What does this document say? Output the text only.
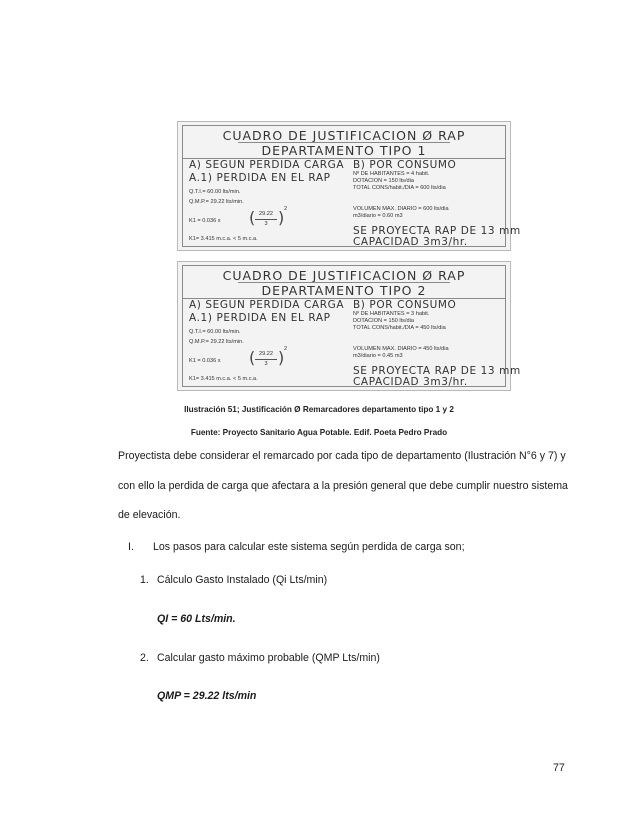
CUADRO DE JUSTIFICACION Ø RAP
DEPARTAMENTO TIPO 1
A) SEGUN PERDIDA CARGA
A.1) PERDIDA EN EL RAP
Q.T.I.= 60.00 lts/min.
Q.M.P.= 29.22 lts/min.
K1 = 0.036 x ( 29.22
3 ) 2
K1= 3.415 m.c.a. < 5 m.c.a.
B) POR CONSUMO
Nº DE HABITANTES = 4 habit.
DOTACION = 150 lts/dia
TOTAL CONS/habit./DIA = 600 lts/dia
VOLUMEN MAX. DIARIO = 600 lts/dia
m3/diario = 0.60 m3
SE PROYECTA RAP DE 13 mm
CAPACIDAD 3m3/hr.
CUADRO DE JUSTIFICACION Ø RAP
DEPARTAMENTO TIPO 2
A) SEGUN PERDIDA CARGA
A.1) PERDIDA EN EL RAP
Q.T.I.= 60.00 lts/min.
Q.M.P.= 29.22 lts/min.
K1 = 0.036 x ( 29.22
3 ) 2
K1= 3.415 m.c.a. < 5 m.c.a.
B) POR CONSUMO
Nº DE HABITANTES = 3 habit.
DOTACION = 150 lts/dia
TOTAL CONS/habit./DIA = 450 lts/dia
VOLUMEN MAX. DIARIO = 450 lts/dia
m3/diario = 0.45 m3
SE PROYECTA RAP DE 13 mm
CAPACIDAD 3m3/hr.
Ilustración 51; Justificación Ø Remarcadores departamento tipo 1 y 2
Fuente: Proyecto Sanitario Agua Potable. Edif. Poeta Pedro Prado
Proyectista debe considerar el remarcado por cada tipo de departamento (Ilustración N°6 y 7) y
con ello la perdida de carga que afectara a la presión general que debe cumplir nuestro sistema
de elevación.
I. Los pasos para calcular este sistema según perdida de carga son;
1. Cálculo Gasto Instalado (Qi Lts/min)
QI = 60 Lts/min.
2. Calcular gasto máximo probable (QMP Lts/min)
QMP = 29.22 lts/min
77
